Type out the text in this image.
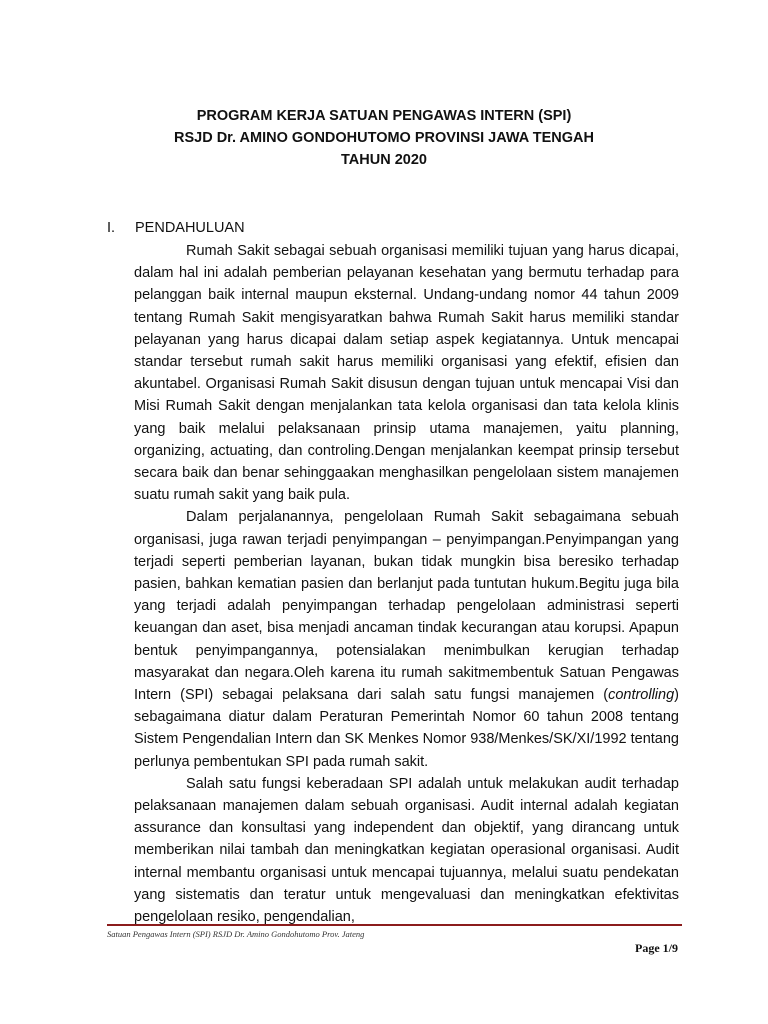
PROGRAM KERJA SATUAN PENGAWAS INTERN (SPI)
RSJD Dr. AMINO GONDOHUTOMO PROVINSI JAWA TENGAH
TAHUN 2020
I. PENDAHULUAN

Rumah Sakit sebagai sebuah organisasi memiliki tujuan yang harus dicapai, dalam hal ini adalah pemberian pelayanan kesehatan yang bermutu terhadap para pelanggan baik internal maupun eksternal. Undang-undang nomor 44 tahun 2009 tentang Rumah Sakit mengisyaratkan bahwa Rumah Sakit harus memiliki standar pelayanan yang harus dicapai dalam setiap aspek kegiatannya. Untuk mencapai standar tersebut rumah sakit harus memiliki organisasi yang efektif, efisien dan akuntabel. Organisasi Rumah Sakit disusun dengan tujuan untuk mencapai Visi dan Misi Rumah Sakit dengan menjalankan tata kelola organisasi dan tata kelola klinis yang baik melalui pelaksanaan prinsip utama manajemen, yaitu planning, organizing, actuating, dan controling.Dengan menjalankan keempat prinsip tersebut secara baik dan benar sehinggaakan menghasilkan pengelolaan sistem manajemen suatu rumah sakit yang baik pula.

Dalam perjalanannya, pengelolaan Rumah Sakit sebagaimana sebuah organisasi, juga rawan terjadi penyimpangan – penyimpangan.Penyimpangan yang terjadi seperti pemberian layanan, bukan tidak mungkin bisa beresiko terhadap pasien, bahkan kematian pasien dan berlanjut pada tuntutan hukum.Begitu juga bila yang terjadi adalah penyimpangan terhadap pengelolaan administrasi seperti keuangan dan aset, bisa menjadi ancaman tindak kecurangan atau korupsi. Apapun bentuk penyimpangannya, potensialakan menimbulkan kerugian terhadap masyarakat dan negara.Oleh karena itu rumah sakitmembentuk Satuan Pengawas Intern (SPI) sebagai pelaksana dari salah satu fungsi manajemen (controlling) sebagaimana diatur dalam Peraturan Pemerintah Nomor 60 tahun 2008 tentang Sistem Pengendalian Intern dan SK Menkes Nomor 938/Menkes/SK/XI/1992 tentang perlunya pembentukan SPI pada rumah sakit.

Salah satu fungsi keberadaan SPI adalah untuk melakukan audit terhadap pelaksanaan manajemen dalam sebuah organisasi. Audit internal adalah kegiatan assurance dan konsultasi yang independent dan objektif, yang dirancang untuk memberikan nilai tambah dan meningkatkan kegiatan operasional organisasi. Audit internal membantu organisasi untuk mencapai tujuannya, melalui suatu pendekatan yang sistematis dan teratur untuk mengevaluasi dan meningkatkan efektivitas pengelolaan resiko, pengendalian,

Satuan Pengawas Intern (SPI) RSJD Dr. Amino Gondohutomo Prov. Jateng
Page 1/9
